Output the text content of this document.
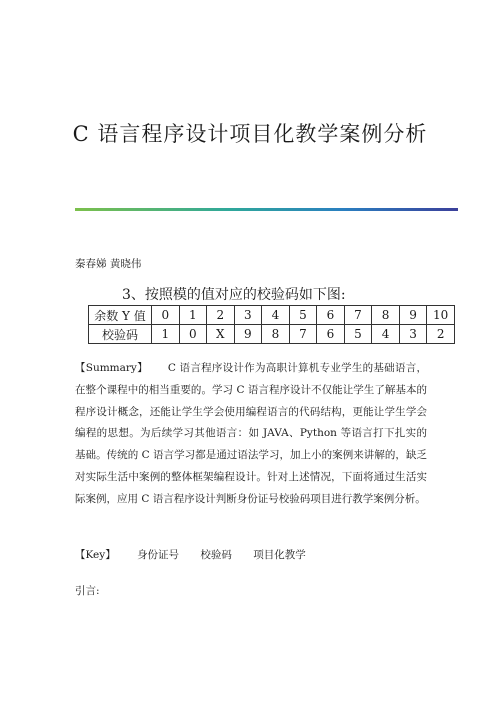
C 语言程序设计项目化教学案例分析
秦春娣 黄晓伟
3、按照模的值对应的校验码如下图:
余数 Y 值	0	1	2	3	4	5	6	7	8	9	10
校验码	1	0	X	9	8	7	6	5	4	3	2
【Summary】 C 语言程序设计作为高职计算机专业学生的基础语言，在整个课程中的相当重要的。学习 C 语言程序设计不仅能让学生了解基本的程序设计概念，还能让学生学会使用编程语言的代码结构，更能让学生学会编程的思想。为后续学习其他语言：如 JAVA、Python 等语言打下扎实的基础。传统的 C 语言学习都是通过语法学习，加上小的案例来讲解的，缺乏对实际生活中案例的整体框架编程设计。针对上述情况，下面将通过生活实际案例，应用 C 语言程序设计判断身份证号校验码项目进行教学案例分析。
【Key】 身份证号 校验码 项目化教学
引言:
